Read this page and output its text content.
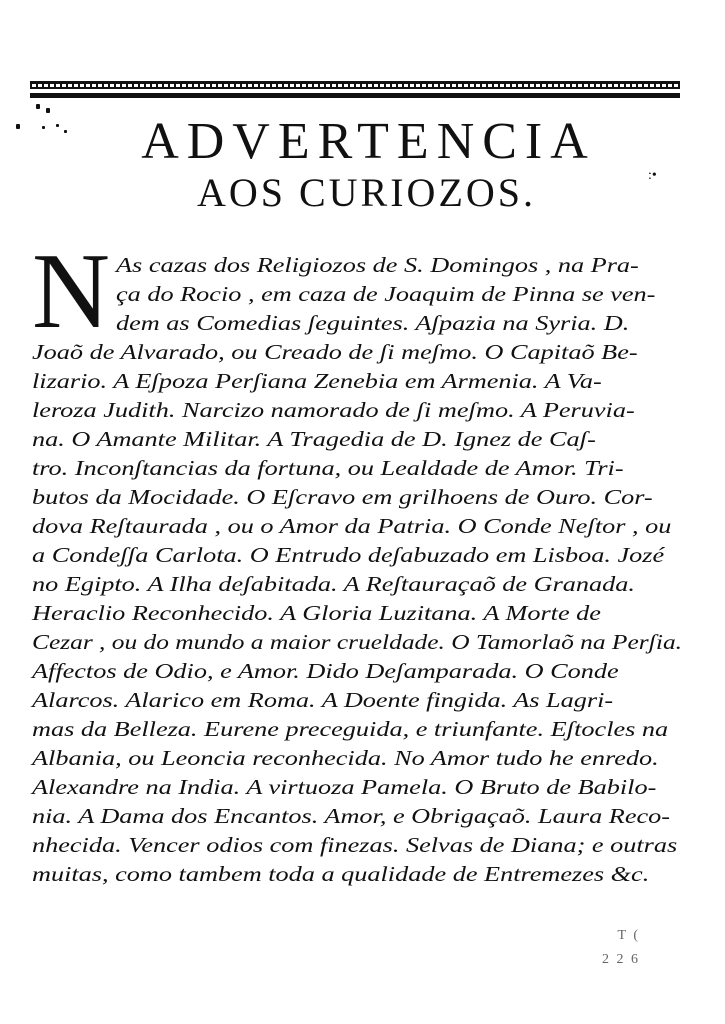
:•
ADVERTENCIA
AOS CURIOZOS.
N As cazas dos Religiozos de S. Domingos , na Pra-
ça do Rocio , em caza de Joaquim de Pinna se ven-
dem as Comedias ʃeguintes. Aʃpazia na Syria. D.
Joaõ de Alvarado, ou Creado de ʃi meʃmo. O Capitaõ Be-
lizario. A Eʃpoza Perʃiana Zenebia em Armenia. A Va-
leroza Judith. Narcizo namorado de ʃi meʃmo. A Peruvia-
na. O Amante Militar. A Tragedia de D. Ignez de Caʃ-
tro. Inconʃtancias da fortuna, ou Lealdade de Amor. Tri-
butos da Mocidade. O Eʃcravo em grilhoens de Ouro. Cor-
dova Reʃtaurada , ou o Amor da Patria. O Conde Neʃtor , ou
a Condeʃʃa Carlota. O Entrudo deʃabuzado em Lisboa. Jozé
no Egipto. A Ilha deʃabitada. A Reʃtauraçaõ de Granada.
Heraclio Reconhecido. A Gloria Luzitana. A Morte de
Cezar , ou do mundo a maior crueldade. O Tamorlaõ na Perʃia.
Affectos de Odio, e Amor. Dido Deʃamparada. O Conde
Alarcos. Alarico em Roma. A Doente fingida. As Lagri-
mas da Belleza. Eurene preceguida, e triunfante. Eʃtocles na
Albania, ou Leoncia reconhecida. No Amor tudo he enredo.
Alexandre na India. A virtuoza Pamela. O Bruto de Babilo-
nia. A Dama dos Encantos. Amor, e Obrigaçaõ. Laura Reco-
nhecida. Vencer odios com finezas. Selvas de Diana; e outras
muitas, como tambem toda a qualidade de Entremezes &c.
T (
2 2 6
